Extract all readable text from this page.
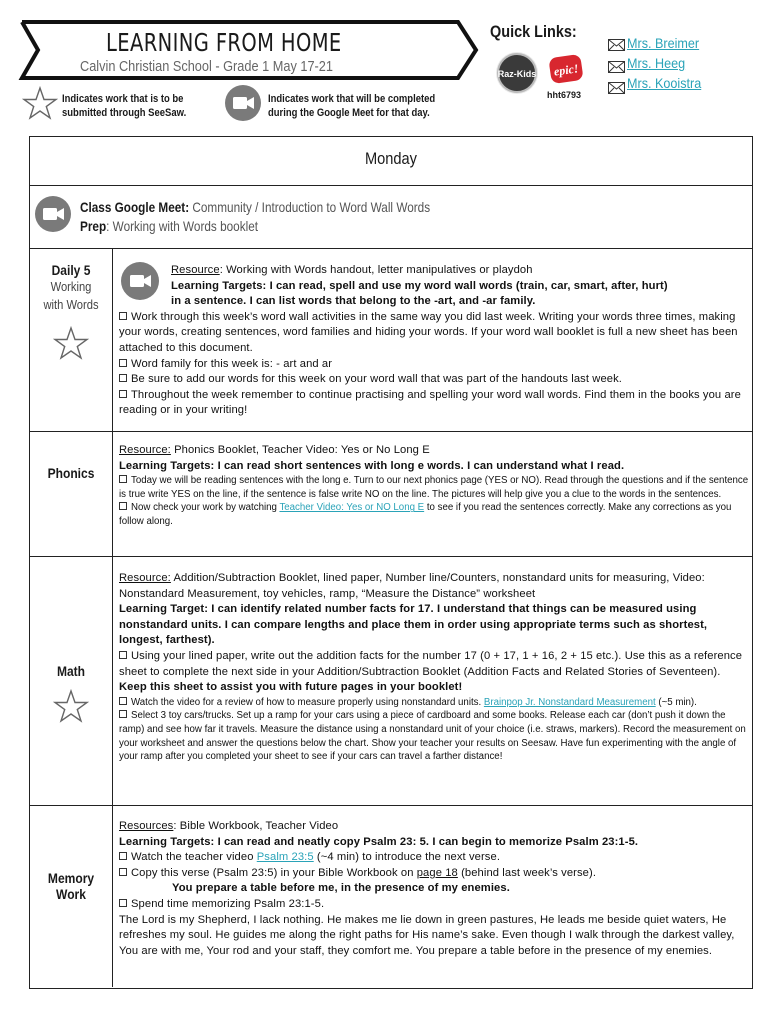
LEARNING FROM HOME
Calvin Christian School - Grade 1 May 17-21
Quick Links:
Raz-Kids epic!
hht6793
Mrs. Breimer
Mrs. Heeg
Mrs. Kooistra
Indicates work that is to be
submitted through SeeSaw.
Indicates work that will be completed
during the Google Meet for that day.
Monday
Class Google Meet: Community / Introduction to Word Wall Words
Prep: Working with Words booklet
Daily 5
Working
with Words
Resource: Working with Words handout, letter manipulatives or playdoh
Learning Targets: I can read, spell and use my word wall words (train, car, smart, after, hurt)
in a sentence. I can list words that belong to the -art, and -ar family.
Work through this week’s word wall activities in the same way you did last week. Writing your words three times, making your words, creating sentences, word families and hiding your words. If your word wall booklet is full a new sheet has been attached to this document.
Word family for this week is: - art and ar
Be sure to add our words for this week on your word wall that was part of the handouts last week.
Throughout the week remember to continue practising and spelling your word wall words. Find them in the books you are reading or in your writing!
Phonics
Resource: Phonics Booklet, Teacher Video: Yes or No Long E
Learning Targets: I can read short sentences with long e words. I can understand what I read.
Today we will be reading sentences with the long e. Turn to our next phonics page (YES or NO). Read through the questions and if the sentence is true write YES on the line, if the sentence is false write NO on the line. The pictures will help give you a clue to the words in the sentences.
Now check your work by watching Teacher Video: Yes or NO Long E to see if you read the sentences correctly. Make any corrections as you follow along.
Math
Resource: Addition/Subtraction Booklet, lined paper, Number line/Counters, nonstandard units for measuring, Video: Nonstandard Measurement, toy vehicles, ramp, “Measure the Distance” worksheet
Learning Target: I can identify related number facts for 17. I understand that things can be measured using nonstandard units. I can compare lengths and place them in order using appropriate terms such as shortest, longest, farthest).
Using your lined paper, write out the addition facts for the number 17 (0 + 17, 1 + 16, 2 + 15 etc.). Use this as a reference sheet to complete the next side in your Addition/Subtraction Booklet (Addition Facts and Related Stories of Seventeen). Keep this sheet to assist you with future pages in your booklet!
Watch the video for a review of how to measure properly using nonstandard units. Brainpop Jr. Nonstandard Measurement (~5 min).
Select 3 toy cars/trucks. Set up a ramp for your cars using a piece of cardboard and some books. Release each car (don’t push it down the ramp) and see how far it travels. Measure the distance using a nonstandard unit of your choice (i.e. straws, markers). Record the measurement on your worksheet and answer the questions below the chart. Show your teacher your results on Seesaw. Have fun experimenting with the angle of your ramp after you completed your sheet to see if your cars can travel a farther distance!
Memory
Work
Resources: Bible Workbook, Teacher Video
Learning Targets: I can read and neatly copy Psalm 23: 5. I can begin to memorize Psalm 23:1-5.
Watch the teacher video Psalm 23:5 (~4 min) to introduce the next verse.
Copy this verse (Psalm 23:5) in your Bible Workbook on page 18 (behind last week’s verse).
You prepare a table before me, in the presence of my enemies.
Spend time memorizing Psalm 23:1-5.
The Lord is my Shepherd, I lack nothing. He makes me lie down in green pastures, He leads me beside quiet waters, He refreshes my soul. He guides me along the right paths for His name’s sake. Even though I walk through the darkest valley, You are with me, Your rod and your staff, they comfort me. You prepare a table before in the presence of my enemies.
